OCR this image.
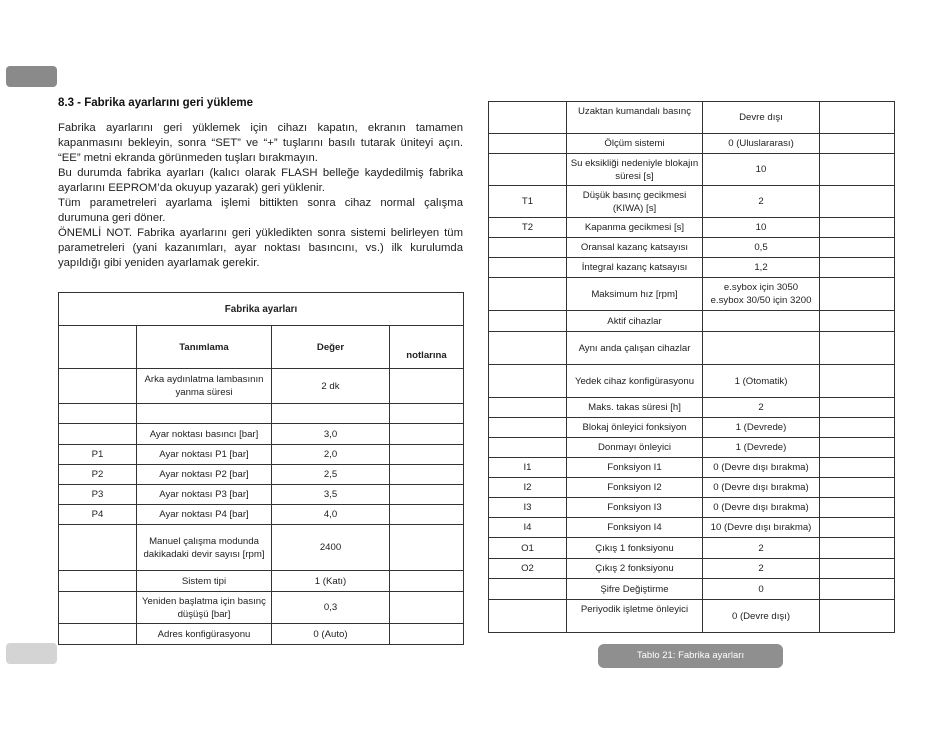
8.3 - Fabrika ayarlarını geri yükleme

Fabrika ayarlarını geri yüklemek için cihazı kapatın, ekranın tamamen kapanmasını bekleyin, sonra “SET” ve “+” tuşlarını basılı tutarak üniteyi açın. “EE” metni ekranda görünmeden tuşları bırakmayın.

Bu durumda fabrika ayarları (kalıcı olarak FLASH belleğe kaydedilmiş fabrika ayarlarını EEPROM’da okuyup yazarak) geri yüklenir.

Tüm parametreleri ayarlama işlemi bittikten sonra cihaz normal çalışma durumuna geri döner.

ÖNEMLİ NOT. Fabrika ayarlarını geri yükledikten sonra sistemi belirleyen tüm parametreleri (yani kazanımları, ayar noktası basıncını, vs.) ilk kurulumda yapıldığı gibi yeniden ayarlamak gerekir.

Fabrika ayarları			
	Tanımlama	Değer	notlarına
	Arka aydınlatma lambasının yanma süresi	2 dk	

	Ayar noktası basıncı [bar]	3,0	
P1	Ayar noktası P1 [bar]	2,0	
P2	Ayar noktası P2 [bar]	2,5	
P3	Ayar noktası P3 [bar]	3,5	
P4	Ayar noktası P4 [bar]	4,0	
	Manuel çalışma modunda dakikadaki devir sayısı [rpm]	2400	
	Sistem tipi	1 (Katı)	
	Yeniden başlatma için basınç düşüşü [bar]	0,3	
	Adres konfigürasyonu	0 (Auto)	
	Uzaktan kumandalı basınç	Devre dışı	
	Ölçüm sistemi	0 (Uluslararası)	
	Su eksikliği nedeniyle blokajın süresi [s]	10	
T1	Düşük basınç gecikmesi (KIWA) [s]	2	
T2	Kapanma gecikmesi [s]	10	
	Oransal kazanç katsayısı	0,5	
	İntegral kazanç katsayısı	1,2	
	Maksimum hız [rpm]	e.sybox için 3050
e.sybox 30/50 için 3200	

	Aktif cihazlar		
	Aynı anda çalışan cihazlar		
	Yedek cihaz konfigürasyonu	1 (Otomatik)	
	Maks. takas süresi [h]	2	
	Blokaj önleyici fonksiyon	1 (Devrede)	
	Donmayı önleyici	1 (Devrede)	
I1	Fonksiyon I1	0 (Devre dışı bırakma)	
I2	Fonksiyon I2	0 (Devre dışı bırakma)	
I3	Fonksiyon I3	0 (Devre dışı bırakma)	
I4	Fonksiyon I4	10 (Devre dışı bırakma)	
O1	Çıkış 1 fonksiyonu	2	
O2	Çıkış 2 fonksiyonu	2	
	Şifre Değiştirme	0	
	Periyodik işletme önleyici	0 (Devre dışı)	
Tablo 21: Fabrika ayarları
